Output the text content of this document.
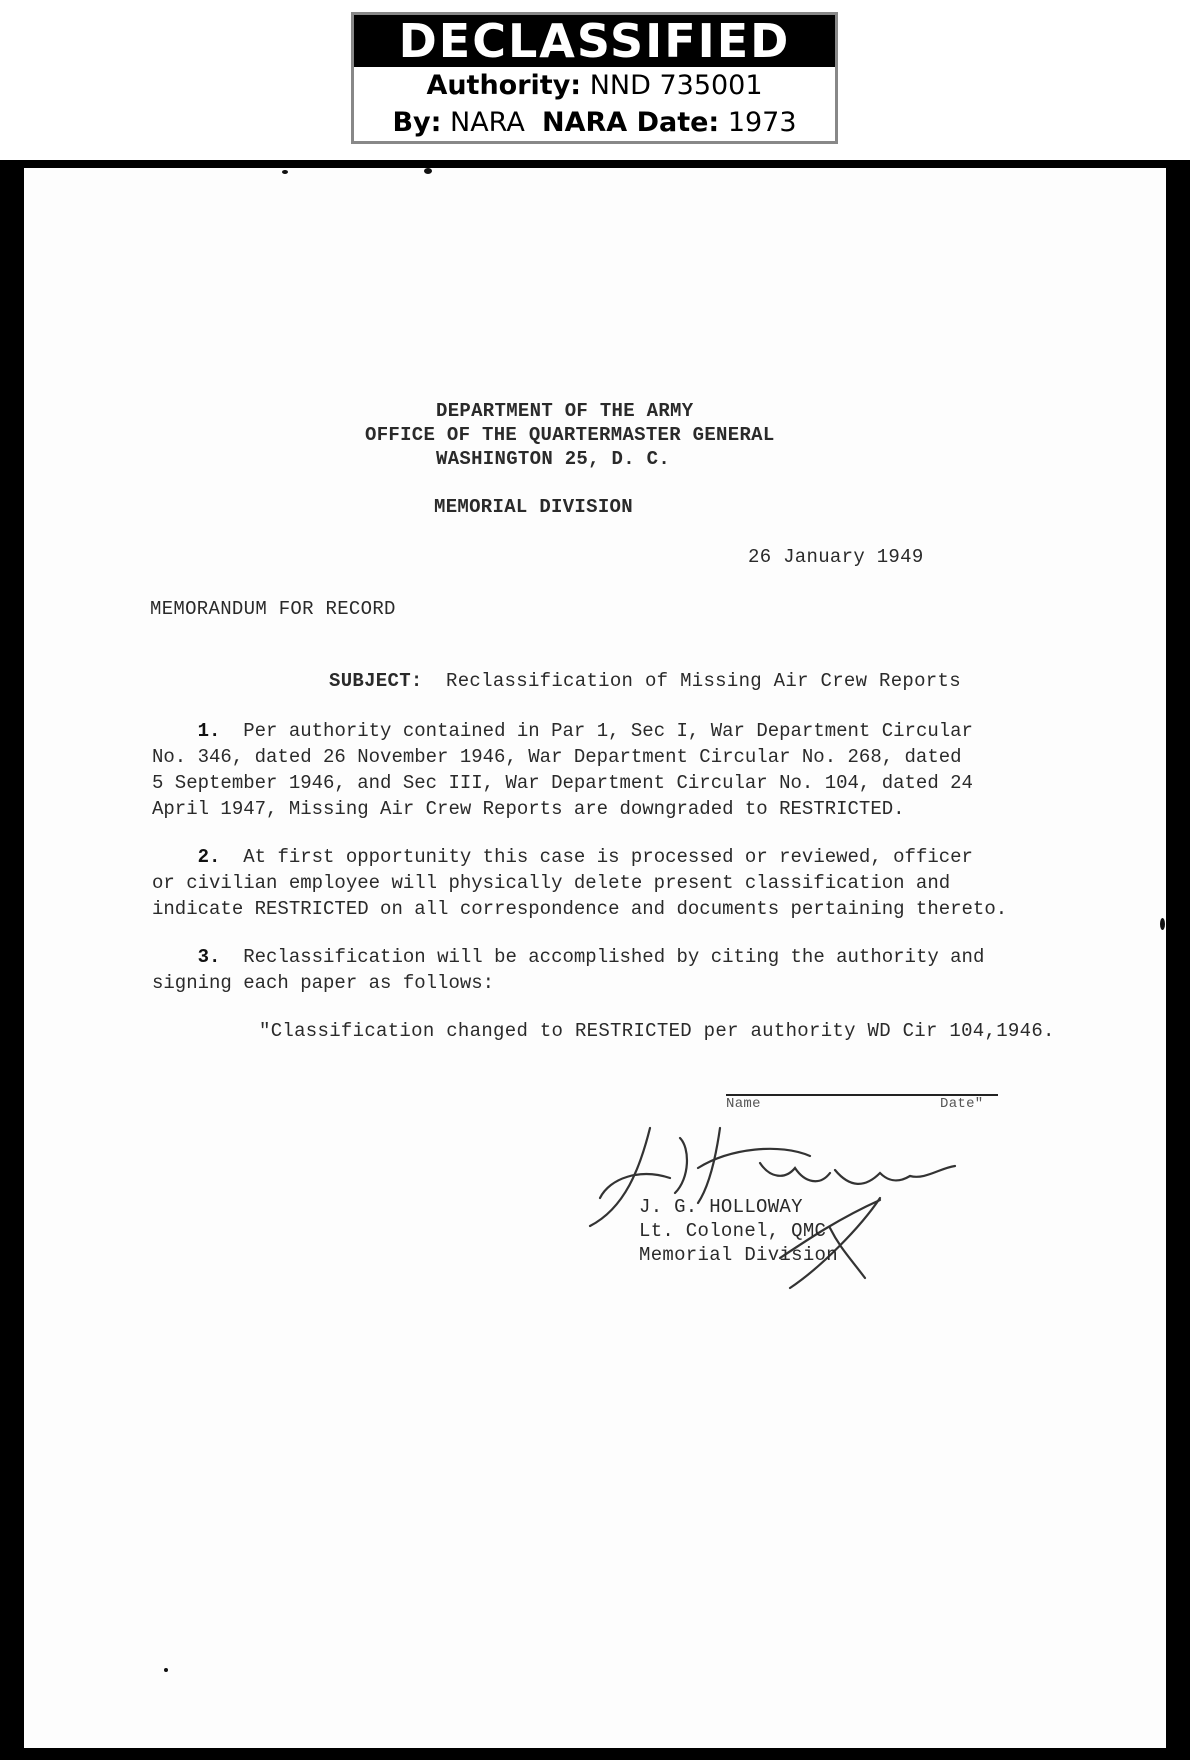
DECLASSIFIED
Authority: NND 735001
By: NARA NARA Date: 1973
DEPARTMENT OF THE ARMY
OFFICE OF THE QUARTERMASTER GENERAL
WASHINGTON 25, D. C.
MEMORIAL DIVISION
26 January 1949
MEMORANDUM FOR RECORD
SUBJECT: Reclassification of Missing Air Crew Reports
1. Per authority contained in Par 1, Sec I, War Department Circular
No. 346, dated 26 November 1946, War Department Circular No. 268, dated
5 September 1946, and Sec III, War Department Circular No. 104, dated 24
April 1947, Missing Air Crew Reports are downgraded to RESTRICTED.
2. At first opportunity this case is processed or reviewed, officer
or civilian employee will physically delete present classification and
indicate RESTRICTED on all correspondence and documents pertaining thereto.
3. Reclassification will be accomplished by citing the authority and
signing each paper as follows:
"Classification changed to RESTRICTED per authority WD Cir 104,1946.
Name	Date"
J. G. HOLLOWAY
Lt. Colonel, QMC
Memorial Division
